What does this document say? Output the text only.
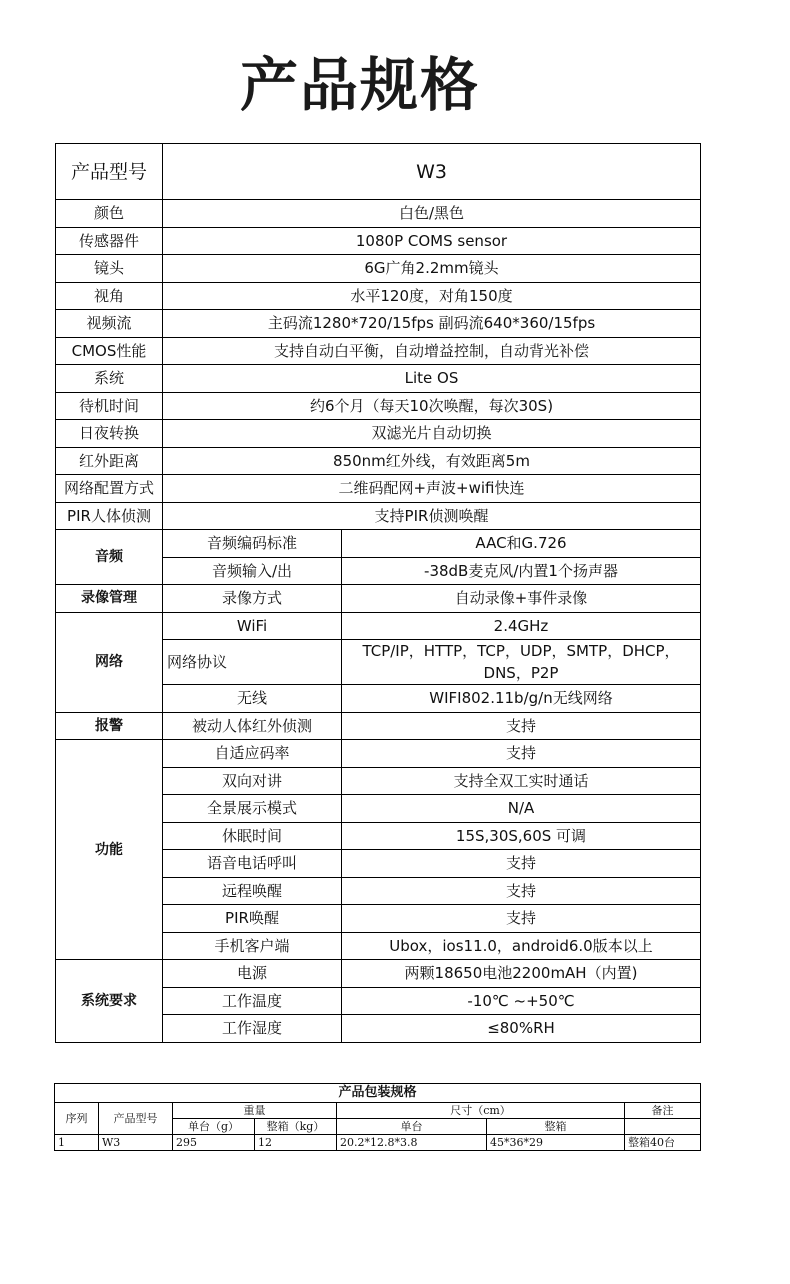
产品规格
产品型号	W3	
颜色	白色/黑色	
传感器件	1080P COMS sensor	
镜头	6G广角2.2mm镜头	
视角	水平120度，对角150度	
视频流	主码流1280*720/15fps 副码流640*360/15fps	
CMOS性能	支持自动白平衡，自动增益控制，自动背光补偿	
系统	Lite OS	
待机时间	约6个月（每天10次唤醒，每次30S)	
日夜转换	双滤光片自动切换	
红外距离	850nm红外线，有效距离5m	
网络配置方式	二维码配网+声波+wifi快连	
PIR人体侦测	支持PIR侦测唤醒	
音频	音频编码标准	AAC和G.726
	音频输入/出	-38dB麦克风/内置1个扬声器
录像管理	录像方式	自动录像+事件录像
网络	WiFi	2.4GHz
	网络协议	TCP/IP，HTTP，TCP，UDP，SMTP，DHCP，DNS，P2P
	无线	WIFI802.11b/g/n无线网络
报警	被动人体红外侦测	支持
功能	自适应码率	支持
	双向对讲	支持全双工实时通话
	全景展示模式	N/A
	休眠时间	15S,30S,60S 可调
	语音电话呼叫	支持
	远程唤醒	支持
	PIR唤醒	支持
	手机客户端	Ubox，ios11.0，android6.0版本以上
系统要求	电源	两颗18650电池2200mAH（内置)
	工作温度	-10℃ ~+50℃
	工作湿度	≤80%RH
产品包装规格						
序列	产品型号	重量		尺寸（cm）		备注
		单台（g）	整箱（kg）	单台	整箱	
1	W3	295	12	20.2*12.8*3.8	45*36*29	整箱40台
